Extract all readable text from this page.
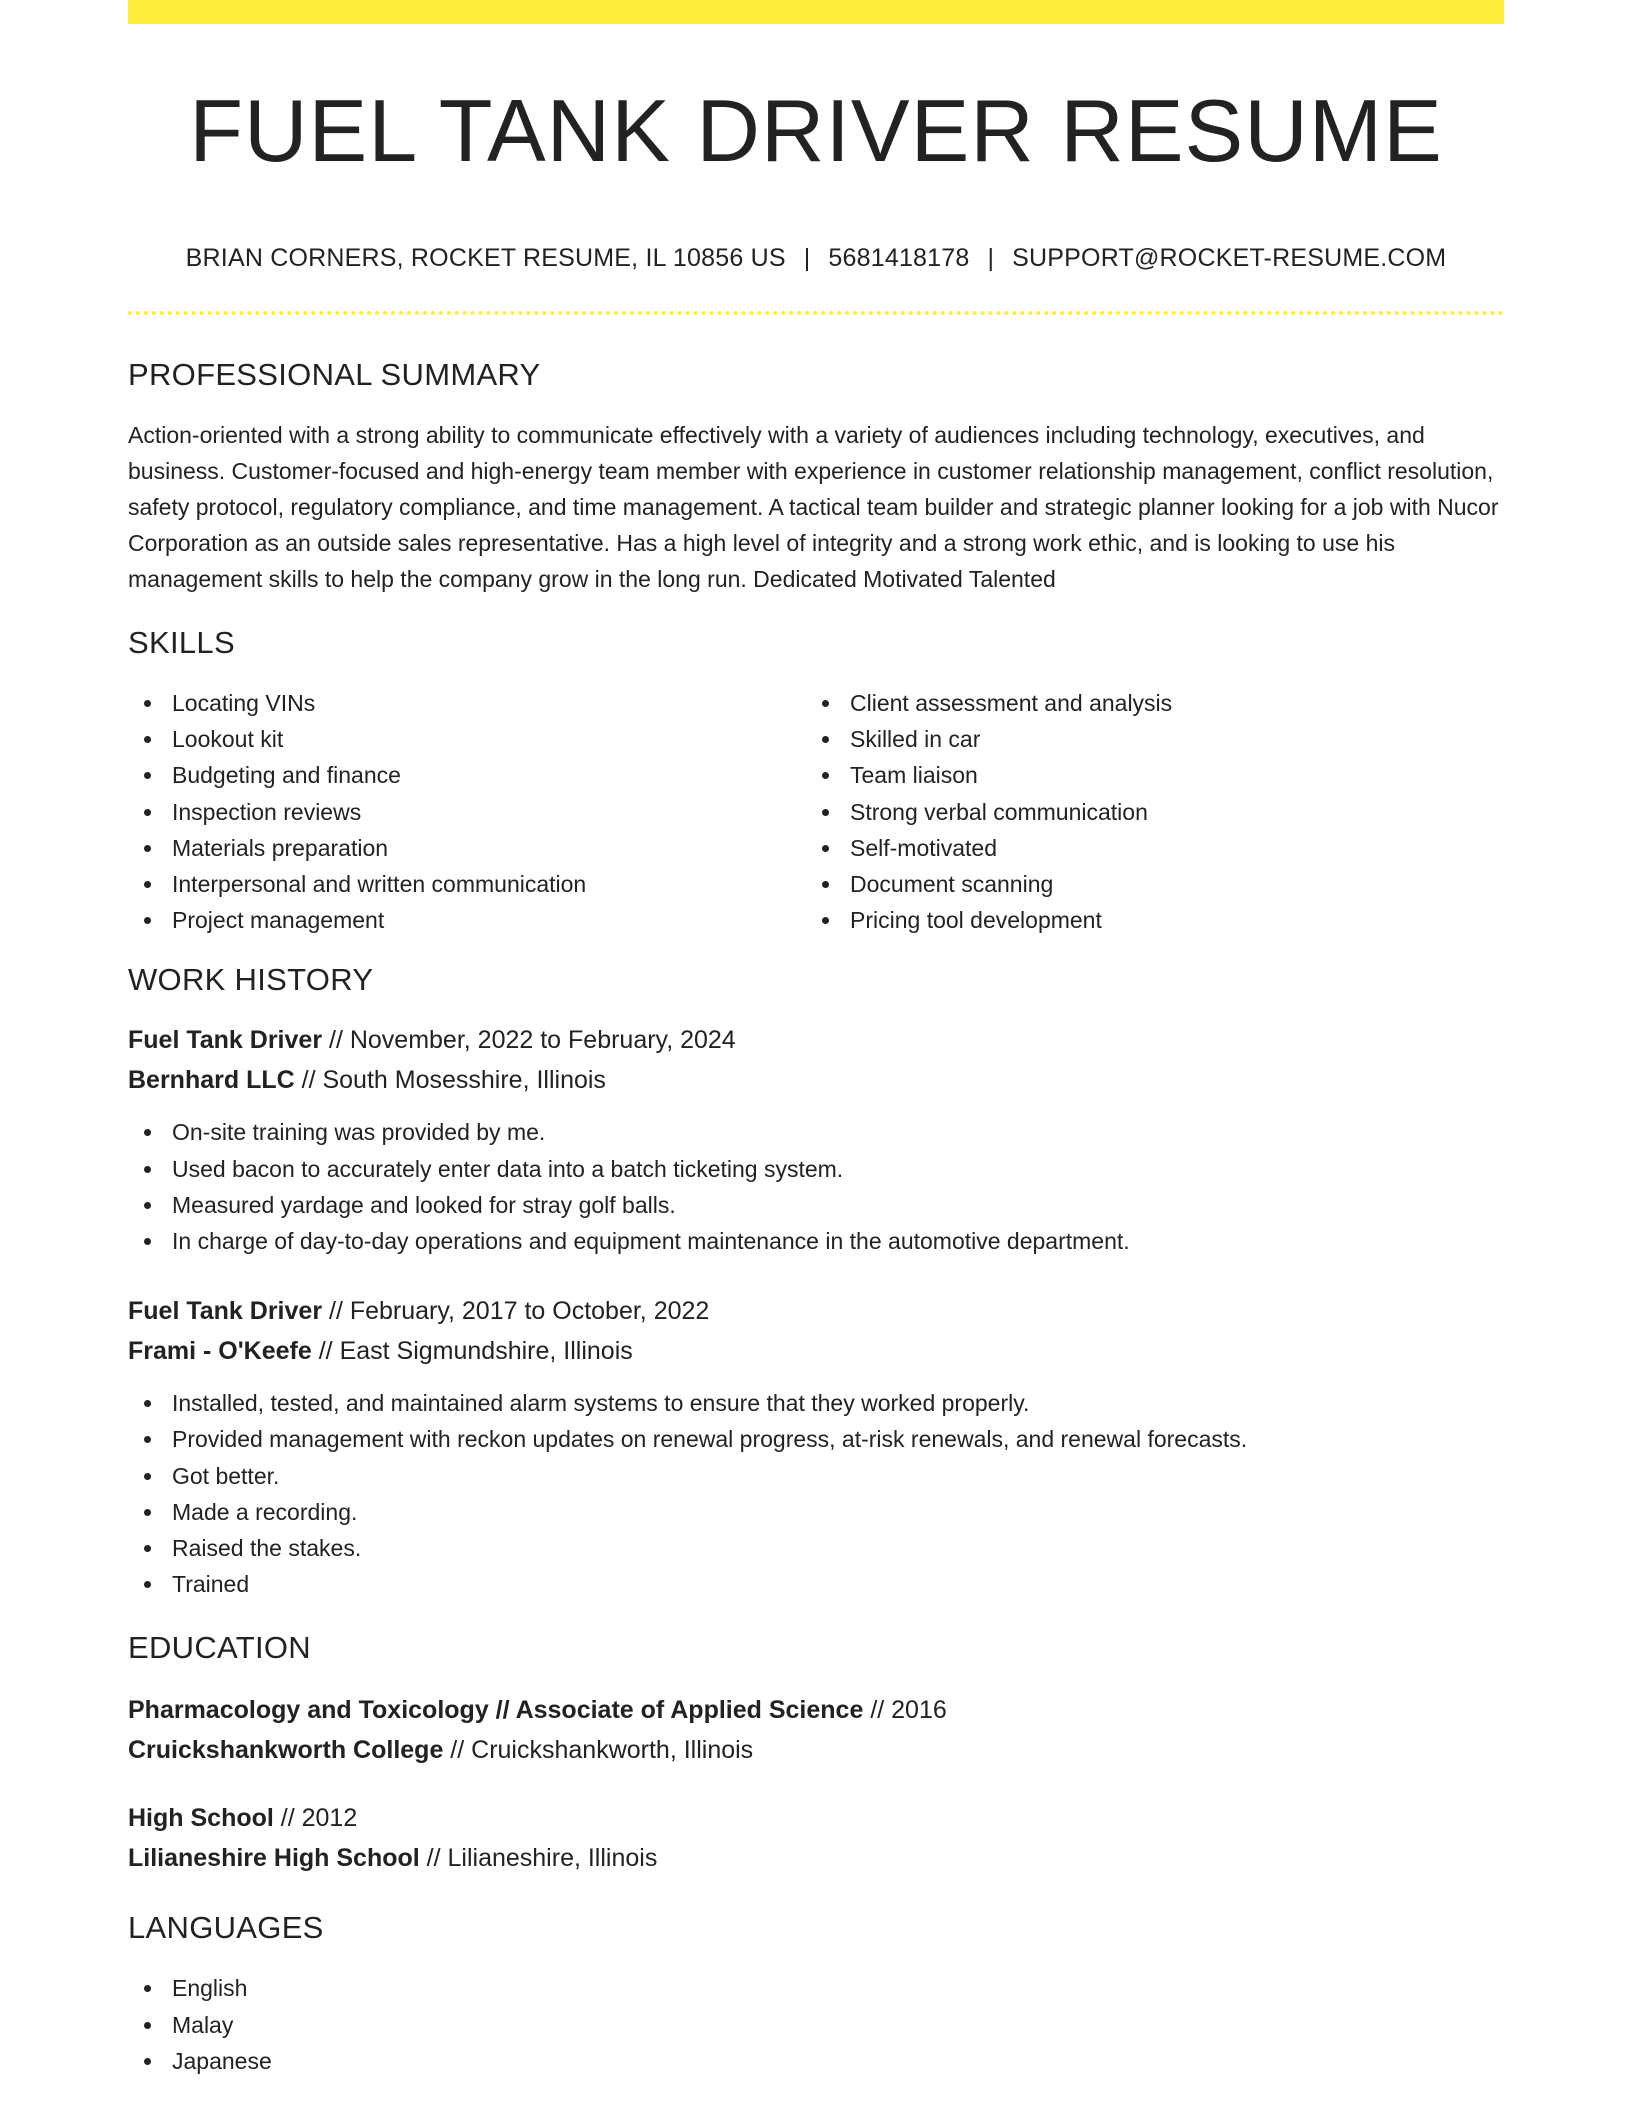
FUEL TANK DRIVER RESUME
BRIAN CORNERS, ROCKET RESUME, IL 10856 US | 5681418178 | SUPPORT@ROCKET-RESUME.COM
PROFESSIONAL SUMMARY

Action-oriented with a strong ability to communicate effectively with a variety of audiences including technology, executives, and business. Customer-focused and high-energy team member with experience in customer relationship management, conflict resolution, safety protocol, regulatory compliance, and time management. A tactical team builder and strategic planner looking for a job with Nucor Corporation as an outside sales representative. Has a high level of integrity and a strong work ethic, and is looking to use his management skills to help the company grow in the long run. Dedicated Motivated Talented

SKILLS
Locating VINs
Lookout kit
Budgeting and finance
Inspection reviews
Materials preparation
Interpersonal and written communication
Project management
Client assessment and analysis
Skilled in car
Team liaison
Strong verbal communication
Self-motivated
Document scanning
Pricing tool development
WORK HISTORY
Fuel Tank Driver // November, 2022 to February, 2024
Bernhard LLC // South Mosesshire, Illinois
On-site training was provided by me.
Used bacon to accurately enter data into a batch ticketing system.
Measured yardage and looked for stray golf balls.
In charge of day-to-day operations and equipment maintenance in the automotive department.
Fuel Tank Driver // February, 2017 to October, 2022
Frami - O'Keefe // East Sigmundshire, Illinois
Installed, tested, and maintained alarm systems to ensure that they worked properly.
Provided management with reckon updates on renewal progress, at-risk renewals, and renewal forecasts.
Got better.
Made a recording.
Raised the stakes.
Trained
EDUCATION
Pharmacology and Toxicology // Associate of Applied Science // 2016
Cruickshankworth College // Cruickshankworth, Illinois
High School // 2012
Lilianeshire High School // Lilianeshire, Illinois
LANGUAGES
English
Malay
Japanese
